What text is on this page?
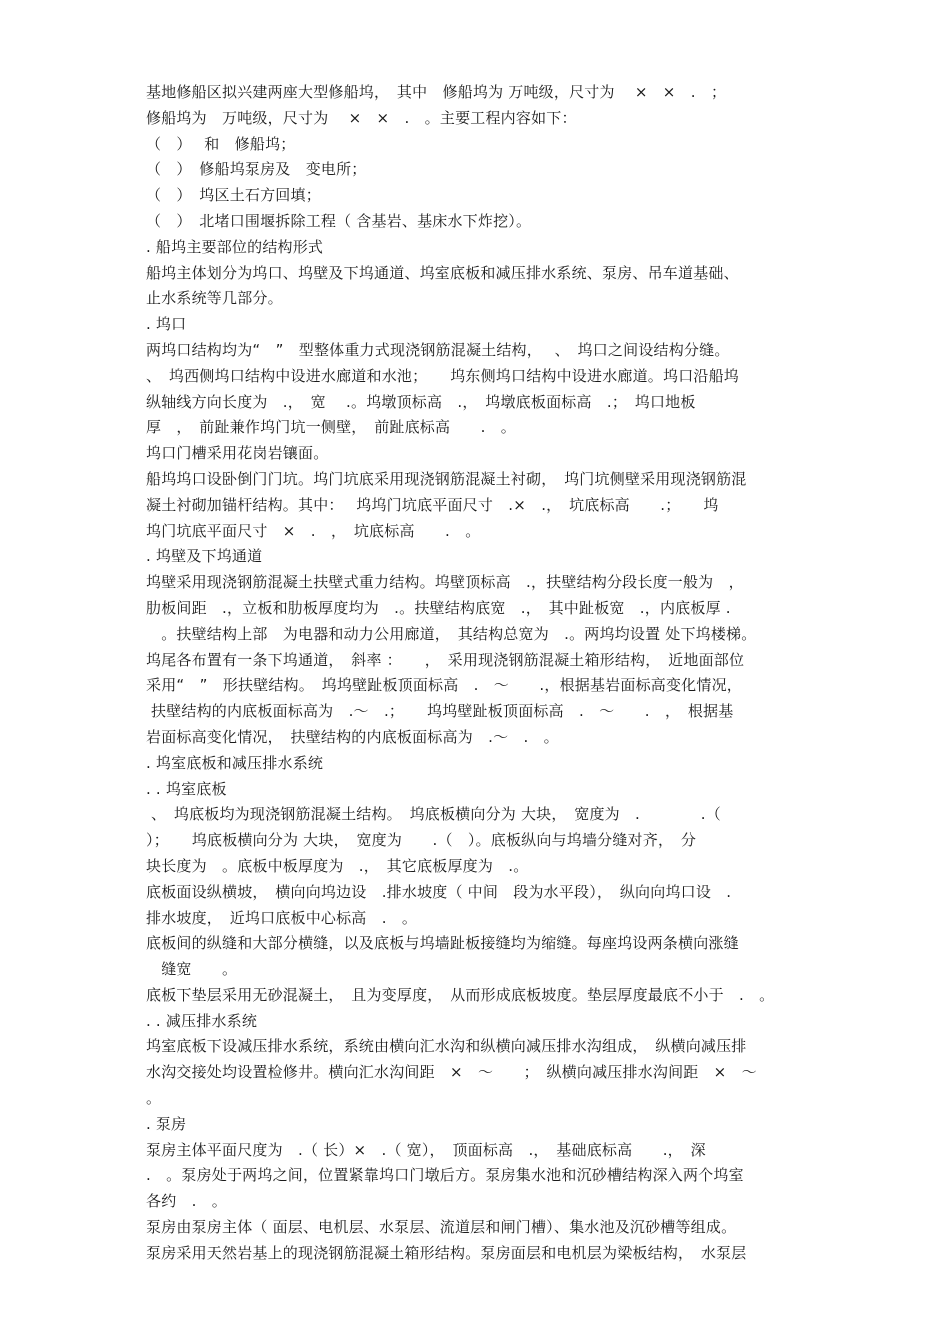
基地修船区拟兴建两座大型修船坞，　其中　修船坞为 万吨级，尺寸为　 ×　×　.　；
修船坞为　万吨级，尺寸为　 ×　×　.　。主要工程内容如下：
（　）　 和　修船坞；
（　）　修船坞泵房及　变电所；
（　）　坞区土石方回填；
（　）　北堵口围堰拆除工程（ 含基岩、基床水下炸挖）。
. 船坞主要部位的结构形式
船坞主体划分为坞口、坞壁及下坞通道、坞室底板和减压排水系统、泵房、吊车道基础、
止水系统等几部分。
. 坞口
两坞口结构均为“　”　型整体重力式现浇钢筋混凝土结构，　 、　坞口之间设结构分缝。
、　坞西侧坞口结构中设进水廊道和水池；　　坞东侧坞口结构中设进水廊道。坞口沿船坞
纵轴线方向长度为　.，　宽　 .。坞墩顶标高　.，　坞墩底板面标高　.；　坞口地板
厚　，　前趾兼作坞门坑一侧壁，　前趾底标高　　.　。
坞口门槽采用花岗岩镶面。
船坞坞口设卧倒门门坑。坞门坑底采用现浇钢筋混凝土衬砌，　坞门坑侧壁采用现浇钢筋混
凝土衬砌加锚杆结构。其中：　 坞坞门坑底平面尺寸　.×　.，　坑底标高　　.；　　坞
坞门坑底平面尺寸　×　.　，　坑底标高　　.　。
. 坞壁及下坞通道
坞壁采用现浇钢筋混凝土扶壁式重力结构。坞壁顶标高　.，扶壁结构分段长度一般为　，
肋板间距　.，立板和肋板厚度均为　.。扶壁结构底宽　.，　其中趾板宽　.，内底板厚 .
　。扶壁结构上部　为电器和动力公用廊道，　其结构总宽为　.。两坞均设置 处下坞楼梯。
坞尾各布置有一条下坞通道，　斜率 ：　　，　采用现浇钢筋混凝土箱形结构，　近地面部位
采用“　”　形扶壁结构。　坞坞壁趾板顶面标高　.　～　　.，根据基岩面标高变化情况，
扶壁结构的内底板面标高为　.～　.；　　坞坞壁趾板顶面标高　.　～　　.　，　根据基
岩面标高变化情况，　扶壁结构的内底板面标高为　.～　.　。
. 坞室底板和减压排水系统
. . 坞室底板
、　坞底板均为现浇钢筋混凝土结构。　坞底板横向分为 大块，　宽度为　.　　　　.（
）；　　坞底板横向分为 大块，　宽度为　　.（　）。底板纵向与坞墙分缝对齐，　分
块长度为　。底板中板厚度为　.，　其它底板厚度为　.。
底板面设纵横坡，　横向向坞边设　.排水坡度（ 中间　段为水平段），　纵向向坞口设　.
排水坡度，　近坞口底板中心标高　.　。
底板间的纵缝和大部分横缝，以及底板与坞墙趾板接缝均为缩缝。每座坞设两条横向涨缝
　缝宽　　。
底板下垫层采用无砂混凝土，　且为变厚度，　从而形成底板坡度。垫层厚度最底不小于　.　。
. . 减压排水系统
坞室底板下设减压排水系统，系统由横向汇水沟和纵横向减压排水沟组成，　纵横向减压排
水沟交接处均设置检修井。横向汇水沟间距　×　～　　；　纵横向减压排水沟间距　×　～
。
. 泵房
泵房主体平面尺度为　.（ 长）×　.（ 宽），　顶面标高　.，　基础底标高　　.，　深
.　。泵房处于两坞之间，位置紧靠坞口门墩后方。泵房集水池和沉砂槽结构深入两个坞室
各约　.　。
泵房由泵房主体（ 面层、电机层、水泵层、流道层和闸门槽）、集水池及沉砂槽等组成。
泵房采用天然岩基上的现浇钢筋混凝土箱形结构。泵房面层和电机层为梁板结构，　水泵层
